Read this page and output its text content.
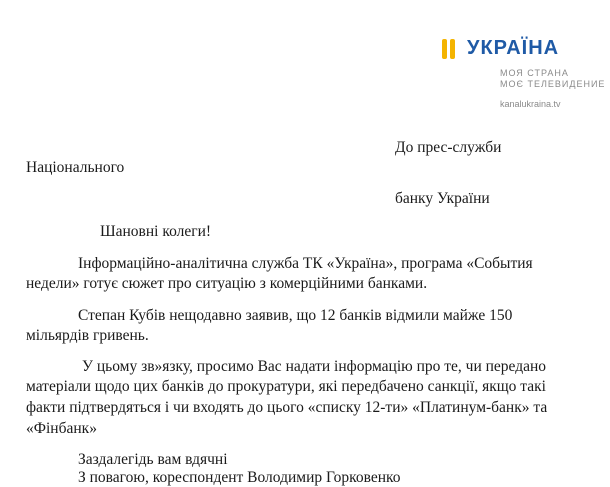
УКРАЇНА
МОЯ СТРАНА
МОЄ ТЕЛЕВИДЕНИЕ
kanalukraina.tv
До прес-служби
Національного
банку України
Шановні колеги!
Інформаційно-аналітична служба ТК «Україна», програма «События
недели» готує сюжет про ситуацію з комерційними банками.
Степан Кубів нещодавно заявив, що 12 банків відмили майже 150
мільярдів гривень.
У цьому зв»язку, просимо Вас надати інформацію про те, чи передано
матеріали щодо цих банків до прокуратури, які передбачено санкції, якщо такі
факти підтвердяться і чи входять до цього «списку 12-ти» «Платинум-банк» та
«Фінбанк»
Заздалегідь вам вдячні
З повагою, кореспондент Володимир Горковенко
